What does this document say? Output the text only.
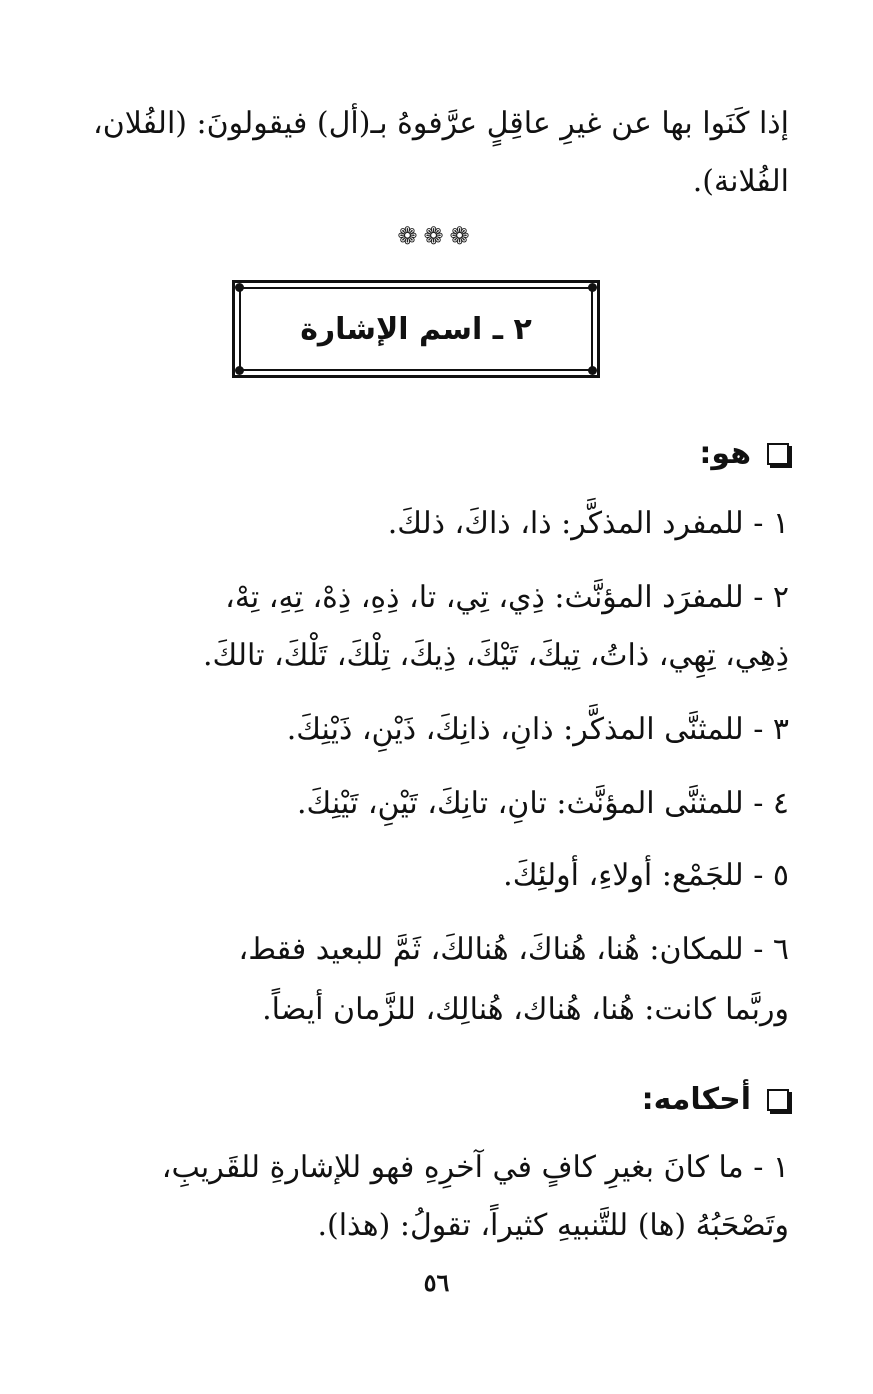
إذا كَنَوا بها عن غيرِ عاقِلٍ عرَّفوهُ بـ(أل) فيقولونَ: (الفُلان،
الفُلانة).
❁❁❁
٢ ـ اسم الإشارة
هو:
١ - للمفرد المذكَّر: ذا، ذاكَ، ذلكَ.
٢ - للمفرَد المؤنَّث: ذِي، تِي، تا، ذِهِ، ذِهْ، تِهِ، تِهْ،
ذِهِي، تِهِي، ذاتُ، تِيكَ، تَيْكَ، ذِيكَ، تِلْكَ، تَلْكَ، تالكَ.
٣ - للمثنَّى المذكَّر: ذانِ، ذانِكَ، ذَيْنِ، ذَيْنِكَ.
٤ - للمثنَّى المؤنَّث: تانِ، تانِكَ، تَيْنِ، تَيْنِكَ.
٥ - للجَمْع: أولاءِ، أولئِكَ.
٦ - للمكان: هُنا، هُناكَ، هُنالكَ، ثَمَّ للبعيد فقط،
وربَّما كانت: هُنا، هُناك، هُنالِك، للزَّمان أيضاً.
أحكامه:
١ - ما كانَ بغيرِ كافٍ في آخرِهِ فهو للإشارةِ للقَريبِ،
وتَصْحَبُهُ (ها) للتَّنبيهِ كثيراً، تقولُ: (هذا).
٥٦
